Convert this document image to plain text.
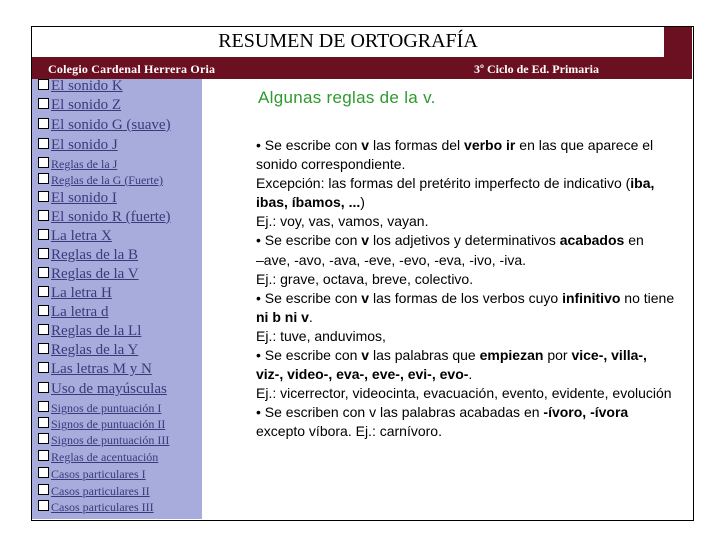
RESUMEN DE ORTOGRAFÍA
Colegio Cardenal Herrera Oria	3º Ciclo de Ed. Primaria
El sonido K
El sonido Z
El sonido G (suave)
El sonido J
Reglas de la J
Reglas de la G (Fuerte)
El sonido I
El sonido R (fuerte)
La letra X
Reglas de la B
Reglas de la V
La letra H
La letra d
Reglas de la Ll
Reglas de la Y
Las letras M y N
Uso de mayúsculas
Signos de puntuación I
Signos de puntuación II
Signos de puntuación III
Reglas de acentuación
Casos particulares I
Casos particulares II
Casos particulares III
Algunas reglas de la v.

• Se escribe con v las formas del verbo ir en las que aparece el sonido correspondiente.

Excepción: las formas del pretérito imperfecto de indicativo (iba, ibas, íbamos, ...)

Ej.: voy, vas, vamos, vayan.

• Se escribe con v los adjetivos y determinativos acabados en

–ave, -avo, -ava, -eve, -evo, -eva, -ivo, -iva.

Ej.: grave, octava, breve, colectivo.

• Se escribe con v las formas de los verbos cuyo infinitivo no tiene ni b ni v.

Ej.: tuve, anduvimos,

• Se escribe con v las palabras que empiezan por vice-, villa-, viz-, video-, eva-, eve-, evi-, evo-.

Ej.: vicerrector, videocinta, evacuación, evento, evidente, evolución

• Se escriben con v las palabras acabadas en -ívoro, -ívora excepto víbora. Ej.: carnívoro.
